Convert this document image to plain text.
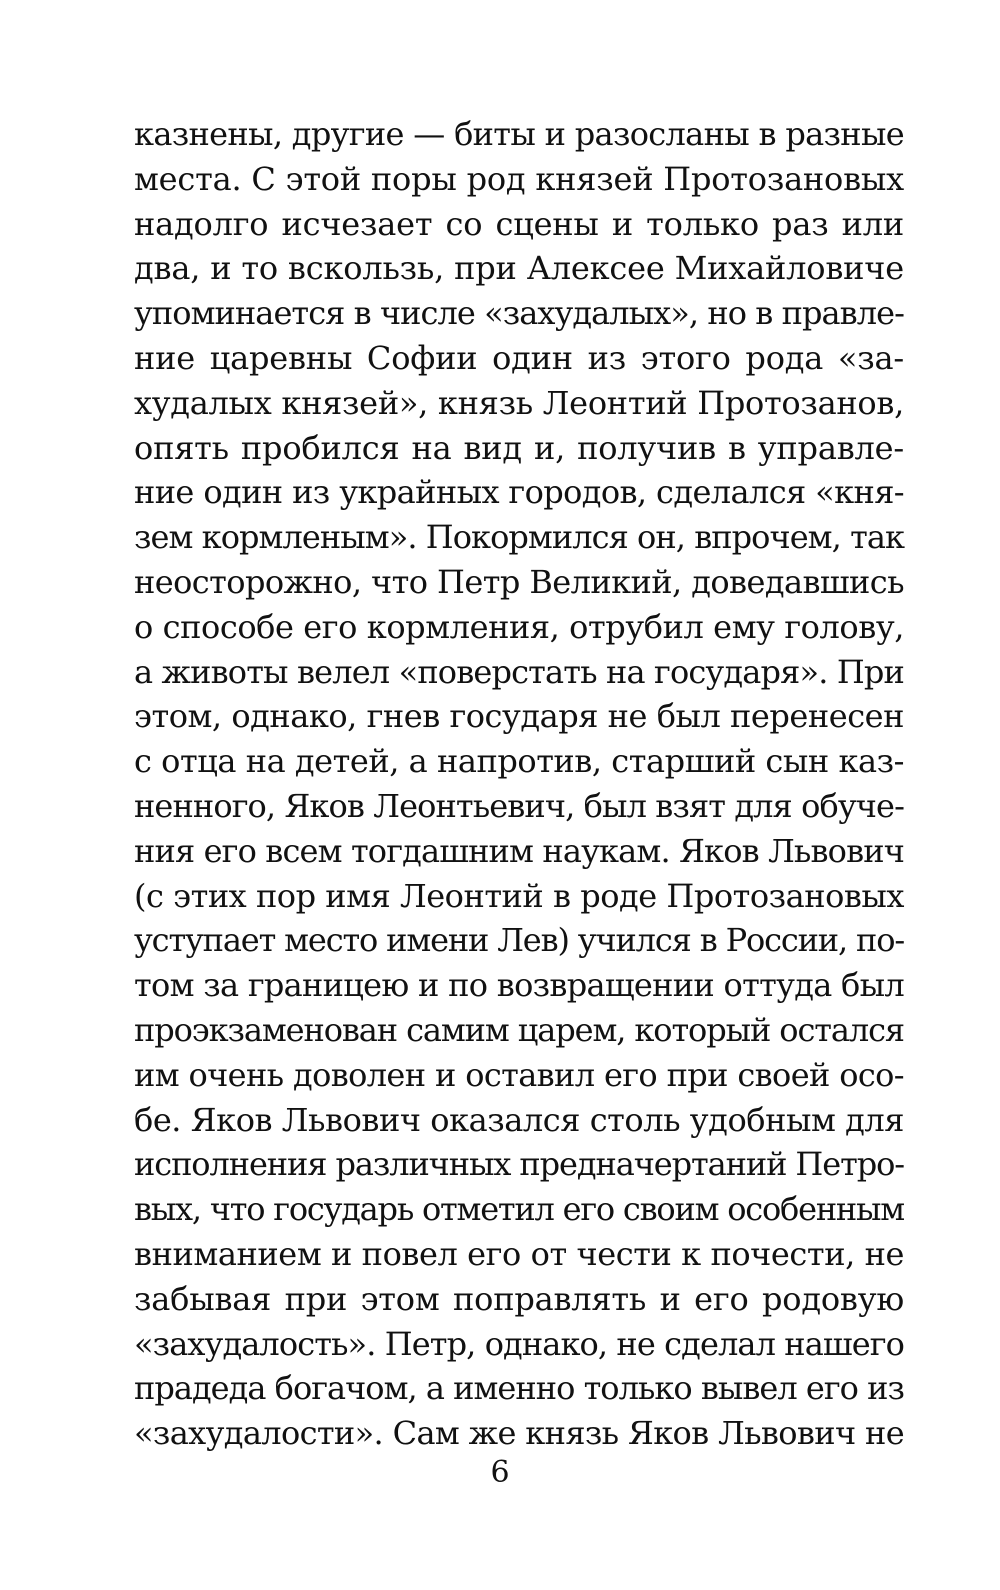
казнены, другие — биты и разосланы в разные
места. С этой поры род князей Протозановых
надолго исчезает со сцены и только раз или
два, и то вскользь, при Алексее Михайловиче
упоминается в числе «захудалых», но в правле-
ние царевны Софии один из этого рода «за-
худалых князей», князь Леонтий Протозанов,
опять пробился на вид и, получив в управле-
ние один из украйных городов, сделался «кня-
зем кормленым». Покормился он, впрочем, так
неосторожно, что Петр Великий, доведавшись
о способе его кормления, отрубил ему голову,
а животы велел «поверстать на государя». При
этом, однако, гнев государя не был перенесен
с отца на детей, а напротив, старший сын каз-
ненного, Яков Леонтьевич, был взят для обуче-
ния его всем тогдашним наукам. Яков Львович
(с этих пор имя Леонтий в роде Протозановых
уступает место имени Лев) учился в России, по-
том за границею и по возвращении оттуда был
проэкзаменован самим царем, который остался
им очень доволен и оставил его при своей осо-
бе. Яков Львович оказался столь удобным для
исполнения различных предначертаний Петро-
вых, что государь отметил его своим особенным
вниманием и повел его от чести к почести, не
забывая при этом поправлять и его родовую
«захудалость». Петр, однако, не сделал нашего
прадеда богачом, а именно только вывел его из
«захудалости». Сам же князь Яков Львович не
6
